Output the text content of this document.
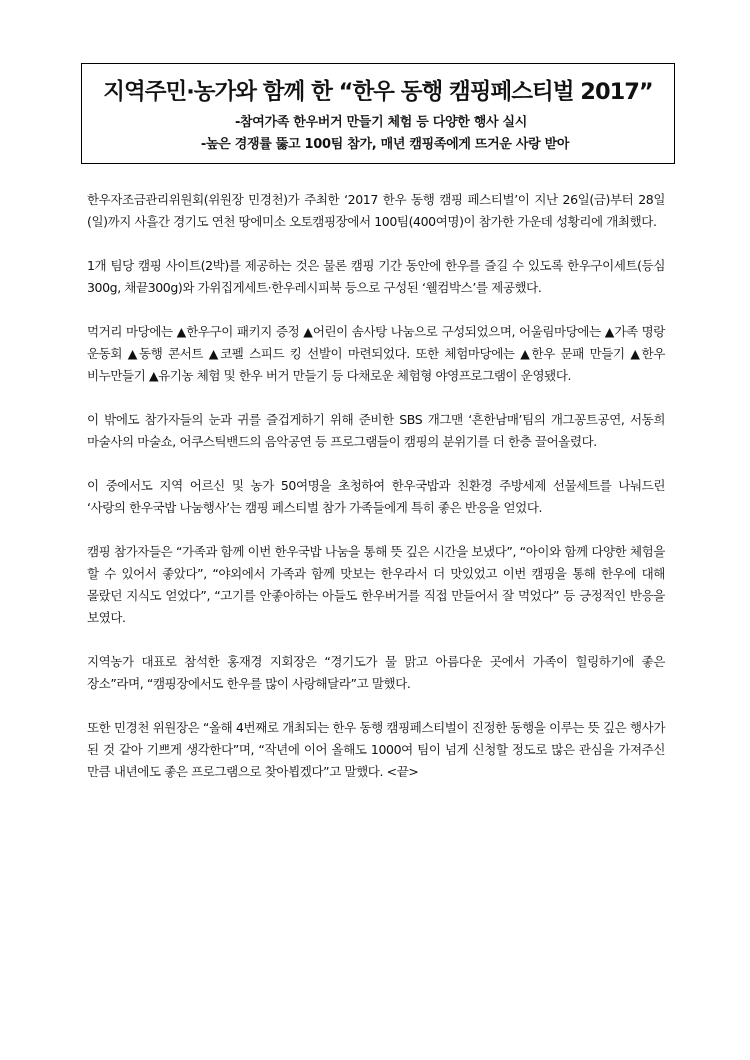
지역주민·농가와 함께 한 “한우 동행 캠핑페스티벌 2017”
-참여가족 한우버거 만들기 체험 등 다양한 행사 실시
-높은 경쟁률 뚫고 100팀 참가, 매년 캠핑족에게 뜨거운 사랑 받아

한우자조금관리위원회(위원장 민경천)가 주최한 ‘2017 한우 동행 캠핑 페스티벌’이 지난 26일(금)부터 28일(일)까지 사흘간 경기도 연천 땅에미소 오토캠핑장에서 100팀(400여명)이 참가한 가운데 성황리에 개최했다.

1개 팀당 캠핑 사이트(2박)를 제공하는 것은 물론 캠핑 기간 동안에 한우를 즐길 수 있도록 한우구이세트(등심 300g, 채끝300g)와 가위집게세트·한우레시피북 등으로 구성된 ‘웰컴박스’를 제공했다.

먹거리 마당에는 ▲한우구이 패키지 증정 ▲어린이 솜사탕 나눔으로 구성되었으며, 어울림마당에는 ▲가족 명랑 운동회 ▲동행 콘서트 ▲코펠 스피드 킹 선발이 마련되었다. 또한 체험마당에는 ▲한우 문패 만들기 ▲한우 비누만들기 ▲유기농 체험 및 한우 버거 만들기 등 다채로운 체험형 야영프로그램이 운영됐다.

이 밖에도 참가자들의 눈과 귀를 즐겁게하기 위해 준비한 SBS 개그맨 ‘흔한남매’팀의 개그꽁트공연, 서동희 마술사의 마술쇼, 어쿠스틱밴드의 음악공연 등 프로그램들이 캠핑의 분위기를 더 한층 끌어올렸다.

이 중에서도 지역 어르신 및 농가 50여명을 초청하여 한우국밥과 친환경 주방세제 선물세트를 나눠드린 ‘사랑의 한우국밥 나눔행사’는 캠핑 페스티벌 참가 가족들에게 특히 좋은 반응을 얻었다.

캠핑 참가자들은 “가족과 함께 이번 한우국밥 나눔을 통해 뜻 깊은 시간을 보냈다”, “아이와 함께 다양한 체험을 할 수 있어서 좋았다”, “야외에서 가족과 함께 맛보는 한우라서 더 맛있었고 이번 캠핑을 통해 한우에 대해 몰랐던 지식도 얻었다”, “고기를 안좋아하는 아들도 한우버거를 직접 만들어서 잘 먹었다” 등 긍정적인 반응을 보였다.

지역농가 대표로 참석한 홍재경 지회장은 “경기도가 물 맑고 아름다운 곳에서 가족이 힐링하기에 좋은 장소”라며, “캠핑장에서도 한우를 많이 사랑해달라”고 말했다.

또한 민경천 위원장은 “올해 4번째로 개최되는 한우 동행 캠핑페스티벌이 진정한 동행을 이루는 뜻 깊은 행사가 된 것 같아 기쁘게 생각한다”며, “작년에 이어 올해도 1000여 팀이 넘게 신청할 정도로 많은 관심을 가져주신 만큼 내년에도 좋은 프로그램으로 찾아뵙겠다”고 말했다. <끝>
